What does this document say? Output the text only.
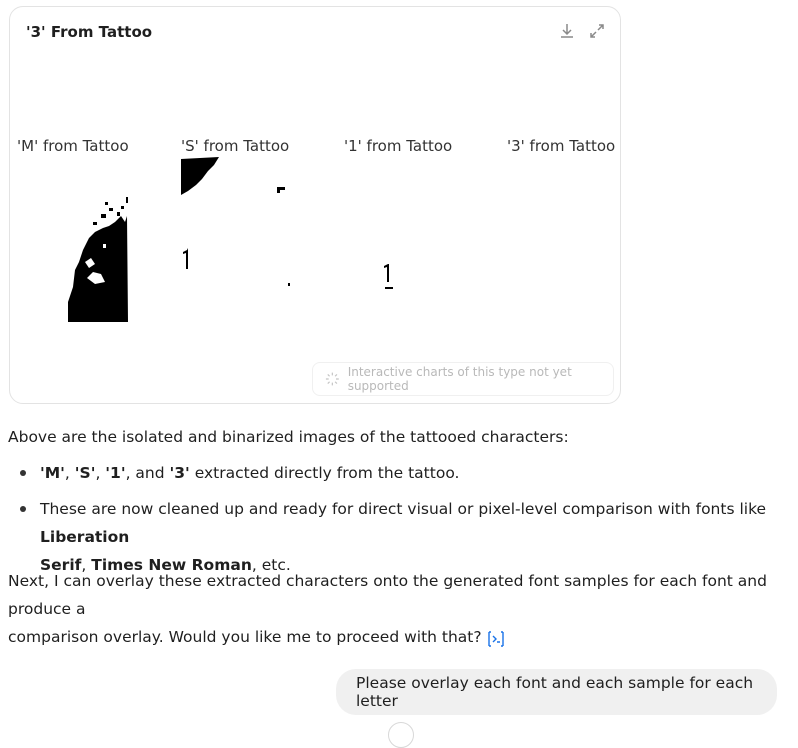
'3' From Tattoo
'M' from Tattoo	'S' from Tattoo	'1' from Tattoo	'3' from Tattoo
Interactive charts of this type not yet supported
Above are the isolated and binarized images of the tattooed characters:
'M', 'S', '1', and '3' extracted directly from the tattoo.
These are now cleaned up and ready for direct visual or pixel-level comparison with fonts like Liberation
Serif, Times New Roman, etc.
Next, I can overlay these extracted characters onto the generated font samples for each font and produce a
comparison overlay. Would you like me to proceed with that?
Please overlay each font and each sample for each letter
